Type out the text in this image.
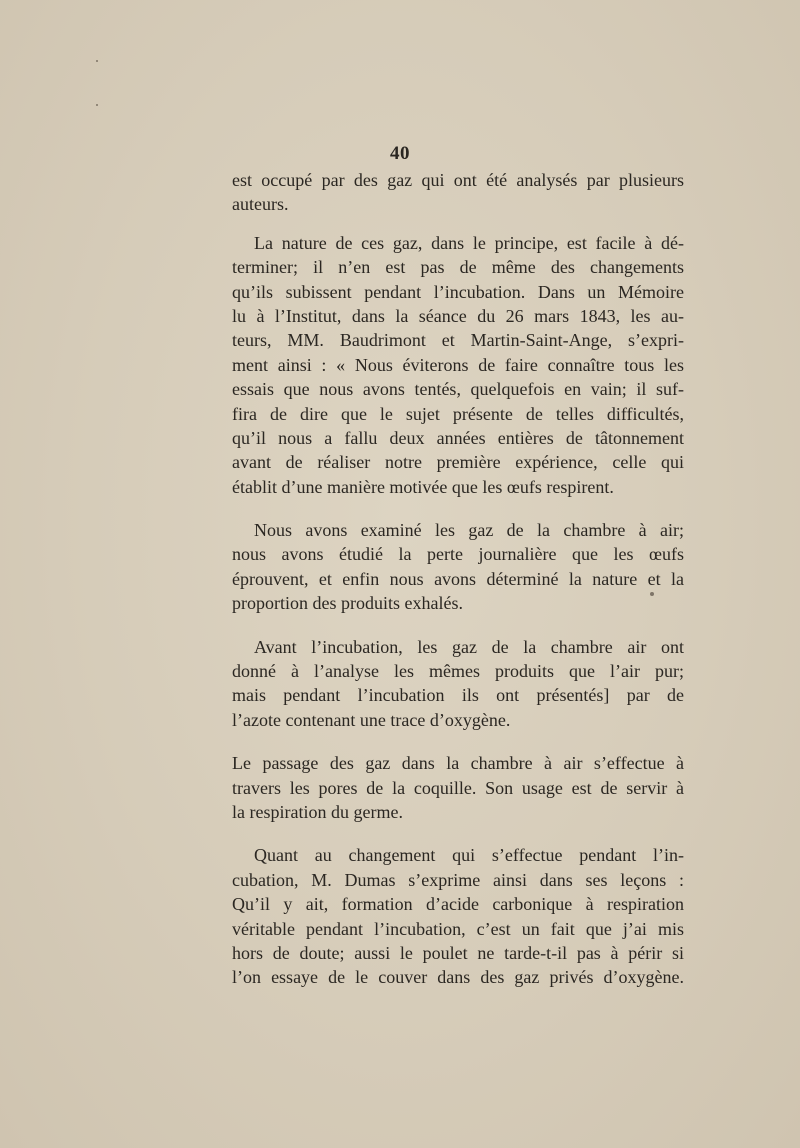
40
est occupé par des gaz qui ont été analysés par plusieurs
auteurs.
La nature de ces gaz, dans le principe, est facile à dé-
terminer; il n’en est pas de même des changements
qu’ils subissent pendant l’incubation. Dans un Mémoire
lu à l’Institut, dans la séance du 26 mars 1843, les au-
teurs, MM. Baudrimont et Martin-Saint-Ange, s’expri-
ment ainsi : « Nous éviterons de faire connaître tous les
essais que nous avons tentés, quelquefois en vain; il suf-
fira de dire que le sujet présente de telles difficultés,
qu’il nous a fallu deux années entières de tâtonnement
avant de réaliser notre première expérience, celle qui
établit d’une manière motivée que les œufs respirent.
Nous avons examiné les gaz de la chambre à air;
nous avons étudié la perte journalière que les œufs
éprouvent, et enfin nous avons déterminé la nature et la
proportion des produits exhalés.
Avant l’incubation, les gaz de la chambre air ont
donné à l’analyse les mêmes produits que l’air pur;
mais pendant l’incubation ils ont présentés] par de
l’azote contenant une trace d’oxygène.
Le passage des gaz dans la chambre à air s’effectue à
travers les pores de la coquille. Son usage est de servir à
la respiration du germe.
Quant au changement qui s’effectue pendant l’in-
cubation, M. Dumas s’exprime ainsi dans ses leçons :
Qu’il y ait, formation d’acide carbonique à respiration
véritable pendant l’incubation, c’est un fait que j’ai mis
hors de doute; aussi le poulet ne tarde-t-il pas à périr si
l’on essaye de le couver dans des gaz privés d’oxygène.
